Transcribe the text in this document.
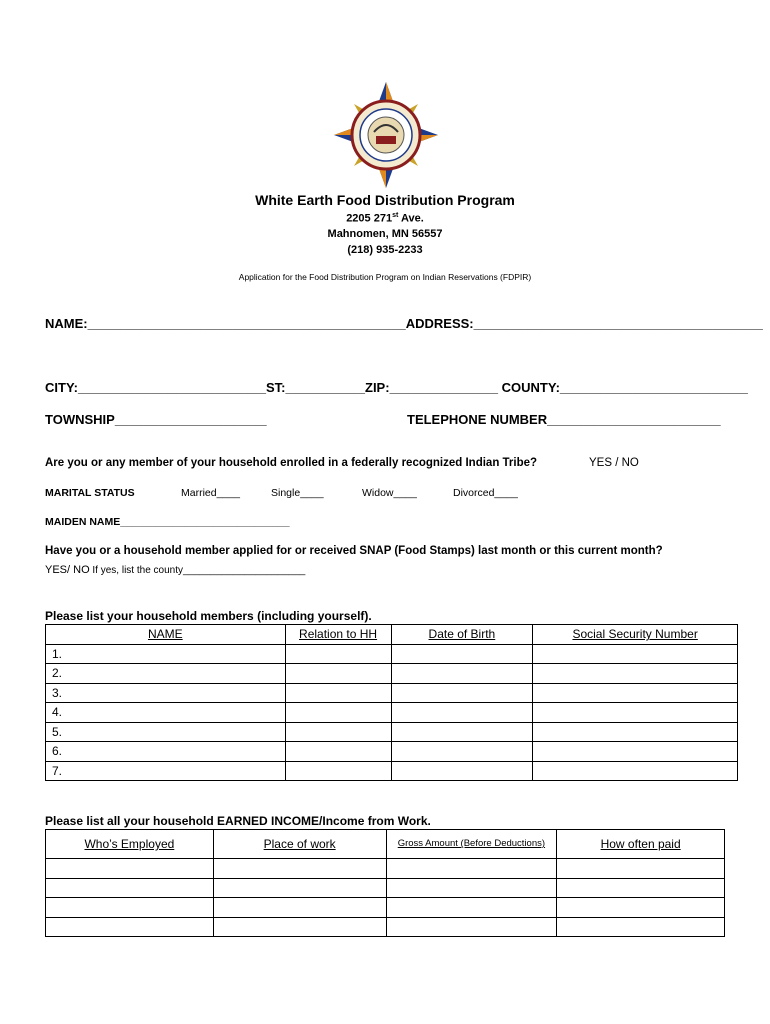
White Earth Food Distribution Program
2205 271st Ave.
Mahnomen, MN 56557
(218) 935-2233
Application for the Food Distribution Program on Indian Reservations (FDPIR)
NAME:____________________________________________ADDRESS:________________________________________
CITY:__________________________ST:___________ZIP:_______________ COUNTY:__________________________
TOWNSHIP_____________________	TELEPHONE NUMBER________________________
Are you or any member of your household enrolled in a federally recognized Indian Tribe?	YES / NO
MARITAL STATUS	Married____	Single____	Widow____	Divorced____
MAIDEN NAME_____________________________
Have you or a household member applied for or received SNAP (Food Stamps) last month or this current month?
YES/ NO If yes, list the county______________________
Please list your household members (including yourself).
NAME	Relation to HH	Date of Birth	Social Security Number
1.			
2.			
3.			
4.			
5.			
6.			
7.			
Please list all your household EARNED INCOME/Income from Work.
Who’s Employed	Place of work	Gross Amount (Before Deductions)	How often paid
